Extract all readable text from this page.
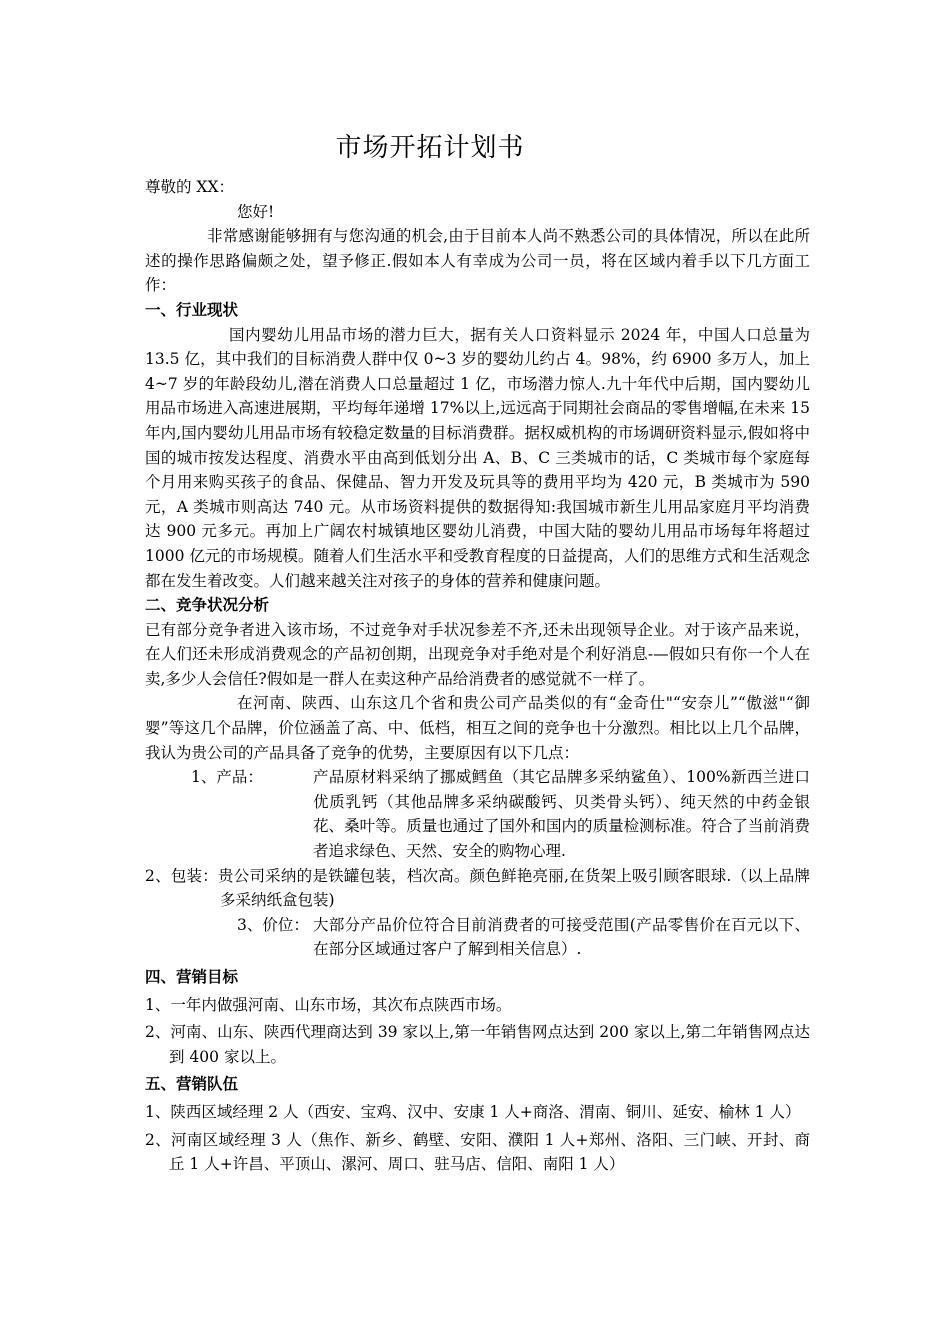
市场开拓计划书

尊敬的 XX：

您好!

非常感谢能够拥有与您沟通的机会,由于目前本人尚不熟悉公司的具体情况，所以在此所述的操作思路偏颇之处，望予修正.假如本人有幸成为公司一员，将在区域内着手以下几方面工作：

一、行业现状

国内婴幼儿用品市场的潜力巨大，据有关人口资料显示 2024 年，中国人口总量为 13.5 亿，其中我们的目标消费人群中仅 0~3 岁的婴幼儿约占 4。98%，约 6900 多万人，加上 4~7 岁的年龄段幼儿,潜在消费人口总量超过 1 亿，市场潜力惊人.九十年代中后期，国内婴幼儿用品市场进入高速进展期，平均每年递增 17%以上,远远高于同期社会商品的零售增幅,在未来 15 年内,国内婴幼儿用品市场有较稳定数量的目标消费群。据权威机构的市场调研资料显示,假如将中国的城市按发达程度、消费水平由高到低划分出 A、B、C 三类城市的话，C 类城市每个家庭每个月用来购买孩子的食品、保健品、智力开发及玩具等的费用平均为 420 元，B 类城市为 590 元，A 类城市则高达 740 元。从市场资料提供的数据得知:我国城市新生儿用品家庭月平均消费达 900 元多元。再加上广阔农村城镇地区婴幼儿消费，中国大陆的婴幼儿用品市场每年将超过 1000 亿元的市场规模。随着人们生活水平和受教育程度的日益提高，人们的思维方式和生活观念都在发生着改变。人们越来越关注对孩子的身体的营养和健康问题。

二、竞争状况分析

已有部分竞争者进入该市场，不过竞争对手状况参差不齐,还未出现领导企业。对于该产品来说，在人们还未形成消费观念的产品初创期，出现竞争对手绝对是个利好消息-—假如只有你一个人在卖,多少人会信任?假如是一群人在卖这种产品给消费者的感觉就不一样了。

在河南、陕西、山东这几个省和贵公司产品类似的有“金奇仕"“安奈儿”“傲滋"“御婴”等这几个品牌，价位涵盖了高、中、低档，相互之间的竞争也十分激烈。相比以上几个品牌，我认为贵公司的产品具备了竞争的优势，主要原因有以下几点：

1、产品：	产品原材料采纳了挪威鳕鱼（其它品牌多采纳鲨鱼）、100%新西兰进口优质乳钙（其他品牌多采纳碳酸钙、贝类骨头钙）、纯天然的中药金银花、桑叶等。质量也通过了国外和国内的质量检测标准。符合了当前消费者追求绿色、天然、安全的购物心理.

2、包装：贵公司采纳的是铁罐包装，档次高。颜色鲜艳亮丽,在货架上吸引顾客眼球.（以上品牌多采纳纸盒包装)

3、价位： 大部分产品价位符合目前消费者的可接受范围(产品零售价在百元以下、在部分区域通过客户了解到相关信息）.

四、营销目标

1、一年内做强河南、山东市场，其次布点陕西市场。

2、河南、山东、陕西代理商达到 39 家以上,第一年销售网点达到 200 家以上,第二年销售网点达到 400 家以上。

五、营销队伍

1、陕西区域经理 2 人（西安、宝鸡、汉中、安康 1 人+商洛、渭南、铜川、延安、榆林 1 人）

2、河南区域经理 3 人（焦作、新乡、鹤壁、安阳、濮阳 1 人+郑州、洛阳、三门峡、开封、商丘 1 人+许昌、平顶山、漯河、周口、驻马店、信阳、南阳 1 人）
